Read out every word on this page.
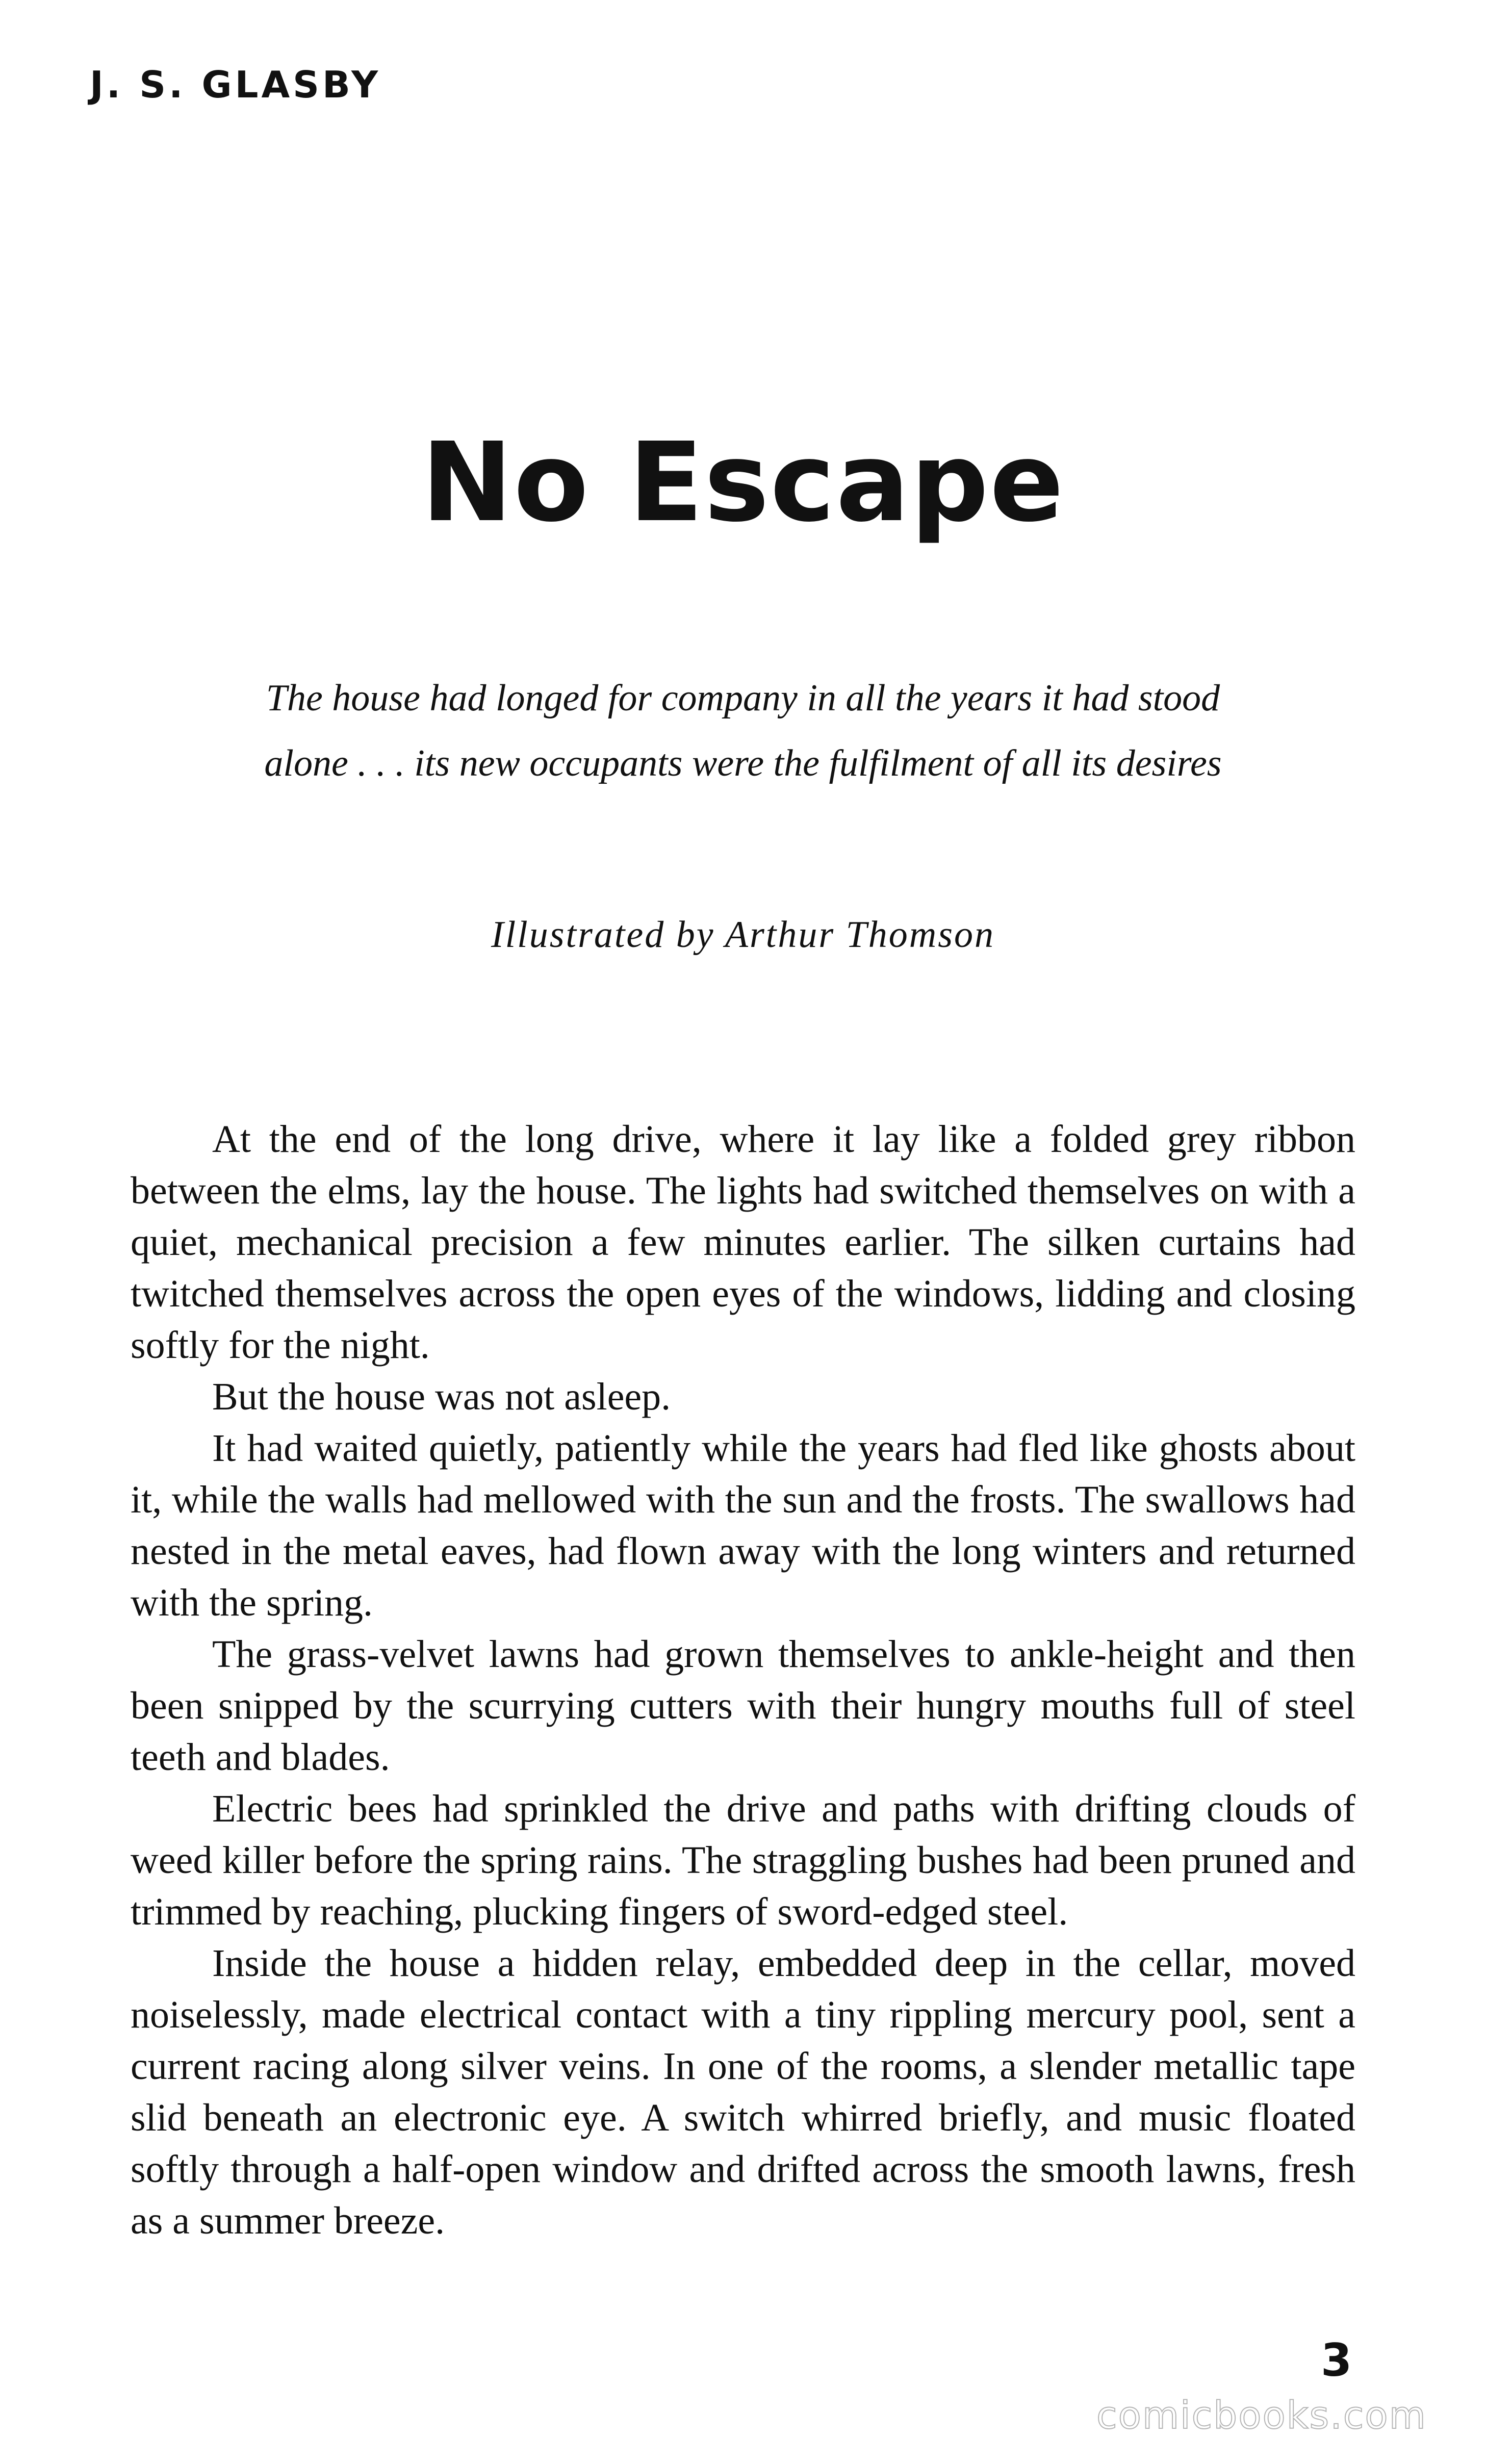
J. S. GLASBY
No Escape
The house had longed for company in all the years it had stood
alone . . . its new occupants were the fulfilment of all its desires
Illustrated by Arthur Thomson

At the end of the long drive, where it lay like a folded grey ribbon between the elms, lay the house. The lights had switched themselves on with a quiet, mechanical precision a few minutes earlier. The silken curtains had twitched themselves across the open eyes of the windows, lidding and closing softly for the night.

But the house was not asleep.

It had waited quietly, patiently while the years had fled like ghosts about it, while the walls had mellowed with the sun and the frosts. The swallows had nested in the metal eaves, had flown away with the long winters and returned with the spring.

The grass-velvet lawns had grown themselves to ankle-height and then been snipped by the scurrying cutters with their hungry mouths full of steel teeth and blades.

Electric bees had sprinkled the drive and paths with drifting clouds of weed killer before the spring rains. The straggling bushes had been pruned and trimmed by reaching, plucking fingers of sword-edged steel.

Inside the house a hidden relay, embedded deep in the cellar, moved noiselessly, made electrical contact with a tiny rippling mercury pool, sent a current racing along silver veins. In one of the rooms, a slender metallic tape slid beneath an electronic eye. A switch whirred briefly, and music floated softly through a half-open window and drifted across the smooth lawns, fresh as a summer breeze.

3
comicbooks.com
